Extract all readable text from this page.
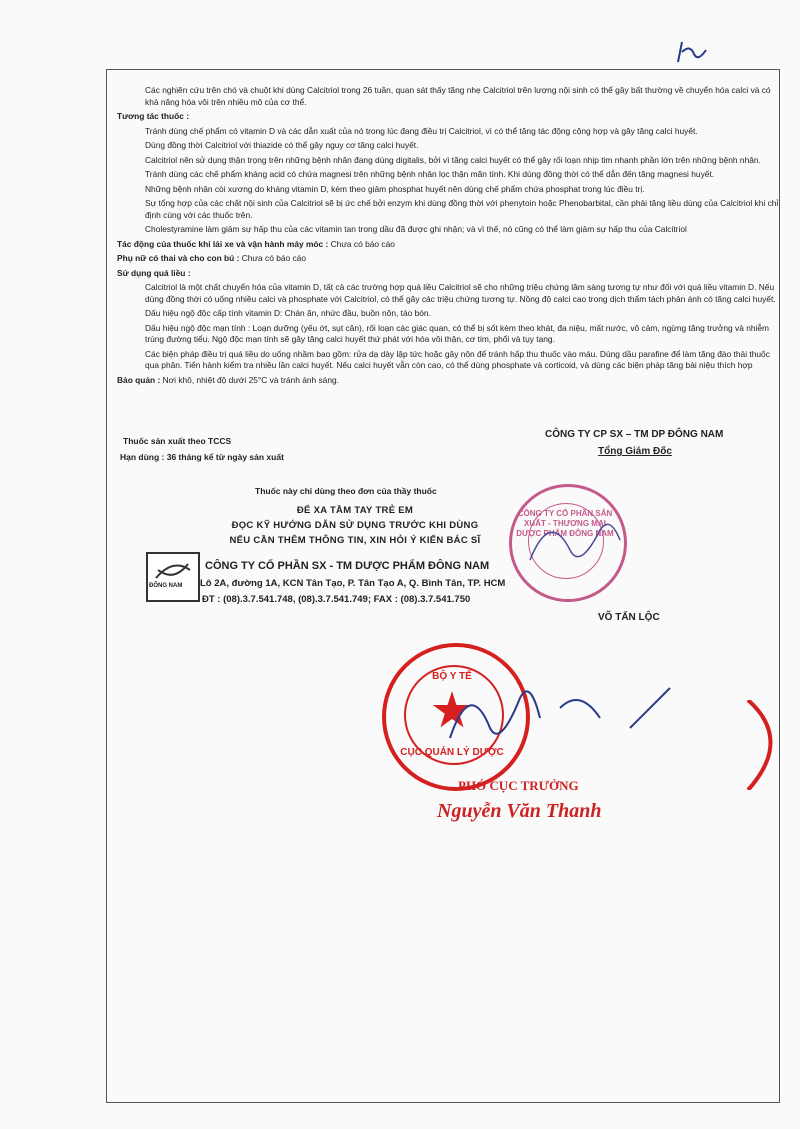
Các nghiên cứu trên chó và chuột khi dùng Calcitriol trong 26 tuần, quan sát thấy tăng nhẹ Calcitriol trên lượng nội sinh có thể gây bất thường về chuyển hóa calci và có khả năng hóa vôi trên nhiều mô của cơ thể.

Tương tác thuốc :

Tránh dùng chế phẩm có vitamin D và các dẫn xuất của nó trong lúc đang điều trị Calcitriol, vì có thể tăng tác động cộng hợp và gây tăng calci huyết.

Dùng đồng thời Calcitriol với thiazide có thể gây nguy cơ tăng calci huyết.

Calcitriol nên sử dụng thận trọng trên những bệnh nhân đang dùng digitalis, bởi vì tăng calci huyết có thể gây rối loạn nhịp tim nhanh phần lớn trên những bệnh nhân.

Tránh dùng các chế phẩm kháng acid có chứa magnesi trên những bệnh nhân lọc thận mãn tính. Khi dùng đồng thời có thể dẫn đến tăng magnesi huyết.

Những bệnh nhân còi xương do kháng vitamin D, kèm theo giảm phosphat huyết nên dùng chế phẩm chứa phosphat trong lúc điều trị.

Sự tổng hợp của các chất nội sinh của Calcitriol sẽ bị ức chế bởi enzym khi dùng đồng thời với phenytoin hoặc Phenobarbital, cần phải tăng liều dùng của Calcitriol khi chỉ định cùng với các thuốc trên.

Cholestyramine làm giảm sự hấp thu của các vitamin tan trong dầu đã được ghi nhận; và vì thế, nó cũng có thể làm giảm sự hấp thu của Calcitriol

Tác động của thuốc khi lái xe và vận hành máy móc : Chưa có báo cáo

Phụ nữ có thai và cho con bú : Chưa có báo cáo

Sử dụng quá liều :

Calcitriol là một chất chuyển hóa của vitamin D, tất cả các trường hợp quá liều Calcitriol sẽ cho những triệu chứng lâm sàng tương tự như đối với quá liều vitamin D. Nếu dùng đồng thời có uống nhiều calci và phosphate với Calcitriol, có thể gây các triệu chứng tương tự. Nồng độ calci cao trong dịch thẩm tách phản ánh có tăng calci huyết.

Dấu hiệu ngộ độc cấp tính vitamin D: Chán ăn, nhức đầu, buồn nôn, táo bón.

Dấu hiệu ngộ độc mạn tính : Loạn dưỡng (yếu ớt, sụt cân), rối loạn các giác quan, có thể bị sốt kèm theo khát, đa niệu, mất nước, vô cảm, ngừng tăng trưởng và nhiễm trùng đường tiểu. Ngộ độc mạn tính sẽ gây tăng calci huyết thứ phát với hóa vôi thận, cơ tim, phổi và tụy tạng.

Các biện pháp điều trị quá liều do uống nhầm bao gồm: rửa dạ dày lập tức hoặc gây nôn để tránh hấp thu thuốc vào máu. Dùng dầu parafine để làm tăng đào thải thuốc qua phân. Tiến hành kiểm tra nhiều lần calci huyết. Nếu calci huyết vẫn còn cao, có thể dùng phosphate và corticoid, và dùng các biện pháp tăng bài niệu thích hợp

Bảo quản : Nơi khô, nhiệt độ dưới 25°C và tránh ánh sáng.

Thuốc sản xuất theo TCCS
Hạn dùng : 36 tháng kể từ ngày sản xuất
CÔNG TY CP SX – TM DP ĐÔNG NAM
Tổng Giám Đốc
Thuốc này chỉ dùng theo đơn của thầy thuốc
ĐỂ XA TẦM TAY TRẺ EM
ĐỌC KỸ HƯỚNG DẪN SỬ DỤNG TRƯỚC KHI DÙNG
NẾU CẦN THÊM THÔNG TIN, XIN HỎI Ý KIẾN BÁC SĨ
ĐÔNG NAM
CÔNG TY CỔ PHẦN SX - TM DƯỢC PHẨM ĐÔNG NAM
Lô 2A, đường 1A, KCN Tân Tạo, P. Tân Tạo A, Q. Bình Tân, TP. HCM
ĐT : (08).3.7.541.748, (08).3.7.541.749; FAX : (08).3.7.541.750
CÔNG TY CỔ PHẦN SẢN XUẤT - THƯƠNG MẠI DƯỢC PHẨM ĐÔNG NAM
VÕ TẤN LỘC
BỘ Y TẾ
CỤC QUẢN LÝ DƯỢC
PHÓ CỤC TRƯỞNG
Nguyễn Văn Thanh
